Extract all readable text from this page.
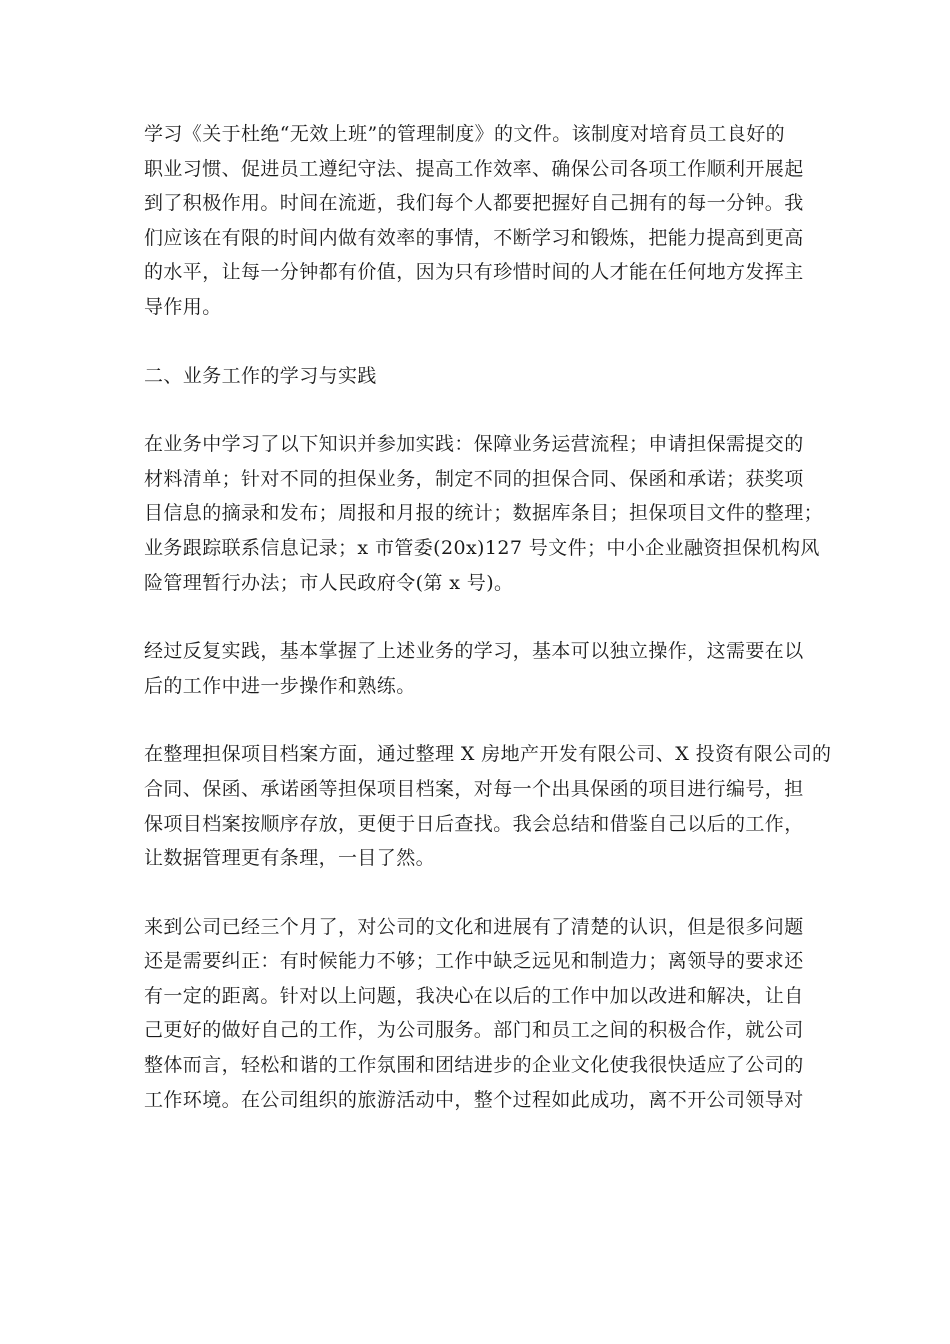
学习《关于杜绝“无效上班”的管理制度》的文件。该制度对培育员工良好的
职业习惯、促进员工遵纪守法、提高工作效率、确保公司各项工作顺利开展起
到了积极作用。时间在流逝，我们每个人都要把握好自己拥有的每一分钟。我
们应该在有限的时间内做有效率的事情，不断学习和锻炼，把能力提高到更高
的水平，让每一分钟都有价值，因为只有珍惜时间的人才能在任何地方发挥主
导作用。

二、业务工作的学习与实践

在业务中学习了以下知识并参加实践：保障业务运营流程；申请担保需提交的
材料清单；针对不同的担保业务，制定不同的担保合同、保函和承诺；获奖项
目信息的摘录和发布；周报和月报的统计；数据库条目；担保项目文件的整理；
业务跟踪联系信息记录；x 市管委(20x)127 号文件；中小企业融资担保机构风
险管理暂行办法；市人民政府令(第 x 号)。

经过反复实践，基本掌握了上述业务的学习，基本可以独立操作，这需要在以
后的工作中进一步操作和熟练。

在整理担保项目档案方面，通过整理 X 房地产开发有限公司、X 投资有限公司的
合同、保函、承诺函等担保项目档案，对每一个出具保函的项目进行编号，担
保项目档案按顺序存放，更便于日后查找。我会总结和借鉴自己以后的工作，
让数据管理更有条理，一目了然。

来到公司已经三个月了，对公司的文化和进展有了清楚的认识，但是很多问题
还是需要纠正：有时候能力不够；工作中缺乏远见和制造力；离领导的要求还
有一定的距离。针对以上问题，我决心在以后的工作中加以改进和解决，让自
己更好的做好自己的工作，为公司服务。部门和员工之间的积极合作，就公司
整体而言，轻松和谐的工作氛围和团结进步的企业文化使我很快适应了公司的
工作环境。在公司组织的旅游活动中，整个过程如此成功，离不开公司领导对
